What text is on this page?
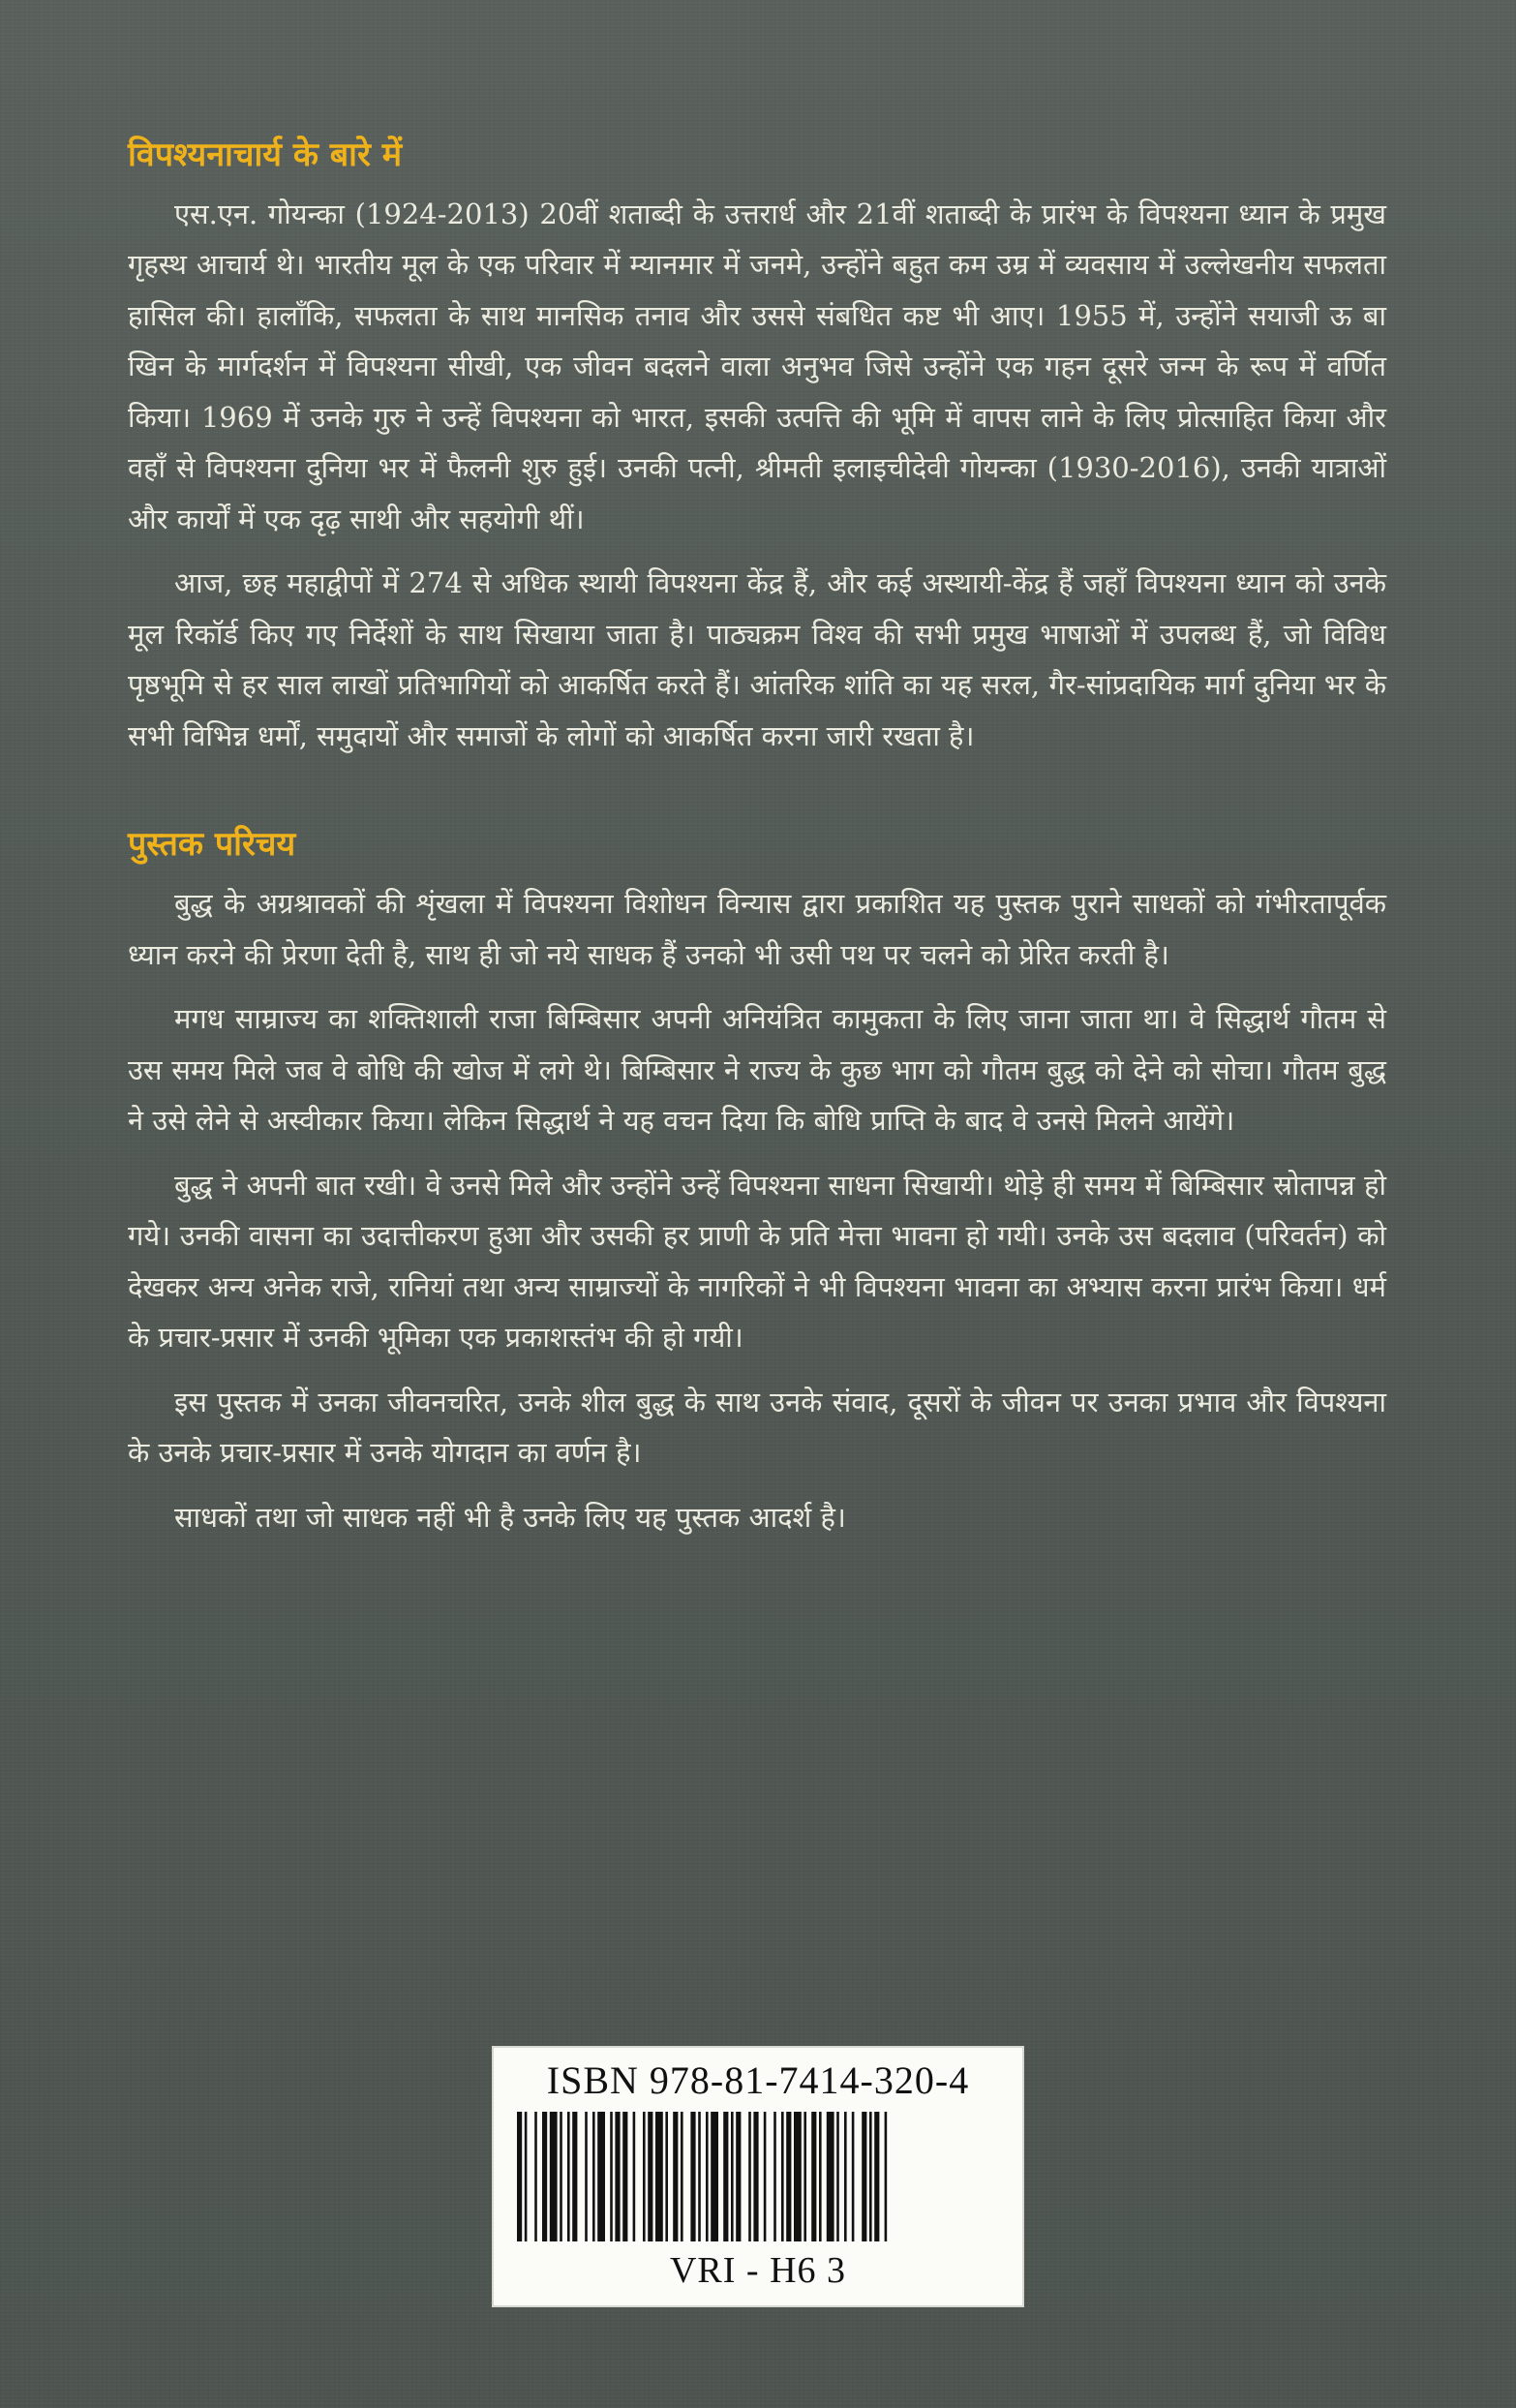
विपश्यनाचार्य के बारे में

एस.एन. गोयन्का (1924-2013) 20वीं शताब्दी के उत्तरार्ध और 21वीं शताब्दी के प्रारंभ के विपश्यना ध्यान के प्रमुख गृहस्थ आचार्य थे। भारतीय मूल के एक परिवार में म्यानमार में जनमे, उन्होंने बहुत कम उम्र में व्यवसाय में उल्लेखनीय सफलता हासिल की। हालाँकि, सफलता के साथ मानसिक तनाव और उससे संबधित कष्ट भी आए। 1955 में, उन्होंने सयाजी ऊ बा खिन के मार्गदर्शन में विपश्यना सीखी, एक जीवन बदलने वाला अनुभव जिसे उन्होंने एक गहन दूसरे जन्म के रूप में वर्णित किया। 1969 में उनके गुरु ने उन्हें विपश्यना को भारत, इसकी उत्पत्ति की भूमि में वापस लाने के लिए प्रोत्साहित किया और वहाँ से विपश्यना दुनिया भर में फैलनी शुरु हुई। उनकी पत्नी, श्रीमती इलाइचीदेवी गोयन्का (1930-2016), उनकी यात्राओं और कार्यों में एक दृढ़ साथी और सहयोगी थीं।

आज, छह महाद्वीपों में 274 से अधिक स्थायी विपश्यना केंद्र हैं, और कई अस्थायी-केंद्र हैं जहाँ विपश्यना ध्यान को उनके मूल रिकॉर्ड किए गए निर्देशों के साथ सिखाया जाता है। पाठ्यक्रम विश्व की सभी प्रमुख भाषाओं में उपलब्ध हैं, जो विविध पृष्ठभूमि से हर साल लाखों प्रतिभागियों को आकर्षित करते हैं। आंतरिक शांति का यह सरल, गैर-सांप्रदायिक मार्ग दुनिया भर के सभी विभिन्न धर्मों, समुदायों और समाजों के लोगों को आकर्षित करना जारी रखता है।

पुस्तक परिचय

बुद्ध के अग्रश्रावकों की शृंखला में विपश्यना विशोधन विन्यास द्वारा प्रकाशित यह पुस्तक पुराने साधकों को गंभीरतापूर्वक ध्यान करने की प्रेरणा देती है, साथ ही जो नये साधक हैं उनको भी उसी पथ पर चलने को प्रेरित करती है।

मगध साम्राज्य का शक्तिशाली राजा बिम्बिसार अपनी अनियंत्रित कामुकता के लिए जाना जाता था। वे सिद्धार्थ गौतम से उस समय मिले जब वे बोधि की खोज में लगे थे। बिम्बिसार ने राज्य के कुछ भाग को गौतम बुद्ध को देने को सोचा। गौतम बुद्ध ने उसे लेने से अस्वीकार किया। लेकिन सिद्धार्थ ने यह वचन दिया कि बोधि प्राप्ति के बाद वे उनसे मिलने आयेंगे।

बुद्ध ने अपनी बात रखी। वे उनसे मिले और उन्होंने उन्हें विपश्यना साधना सिखायी। थोड़े ही समय में बिम्बिसार स्रोतापन्न हो गये। उनकी वासना का उदात्तीकरण हुआ और उसकी हर प्राणी के प्रति मेत्ता भावना हो गयी। उनके उस बदलाव (परिवर्तन) को देखकर अन्य अनेक राजे, रानियां तथा अन्य साम्राज्यों के नागरिकों ने भी विपश्यना भावना का अभ्यास करना प्रारंभ किया। धर्म के प्रचार-प्रसार में उनकी भूमिका एक प्रकाशस्तंभ की हो गयी।

इस पुस्तक में उनका जीवनचरित, उनके शील बुद्ध के साथ उनके संवाद, दूसरों के जीवन पर उनका प्रभाव और विपश्यना के उनके प्रचार-प्रसार में उनके योगदान का वर्णन है।

साधकों तथा जो साधक नहीं भी है उनके लिए यह पुस्तक आदर्श है।

ISBN 978-81-7414-320-4
VRI - H6 3
